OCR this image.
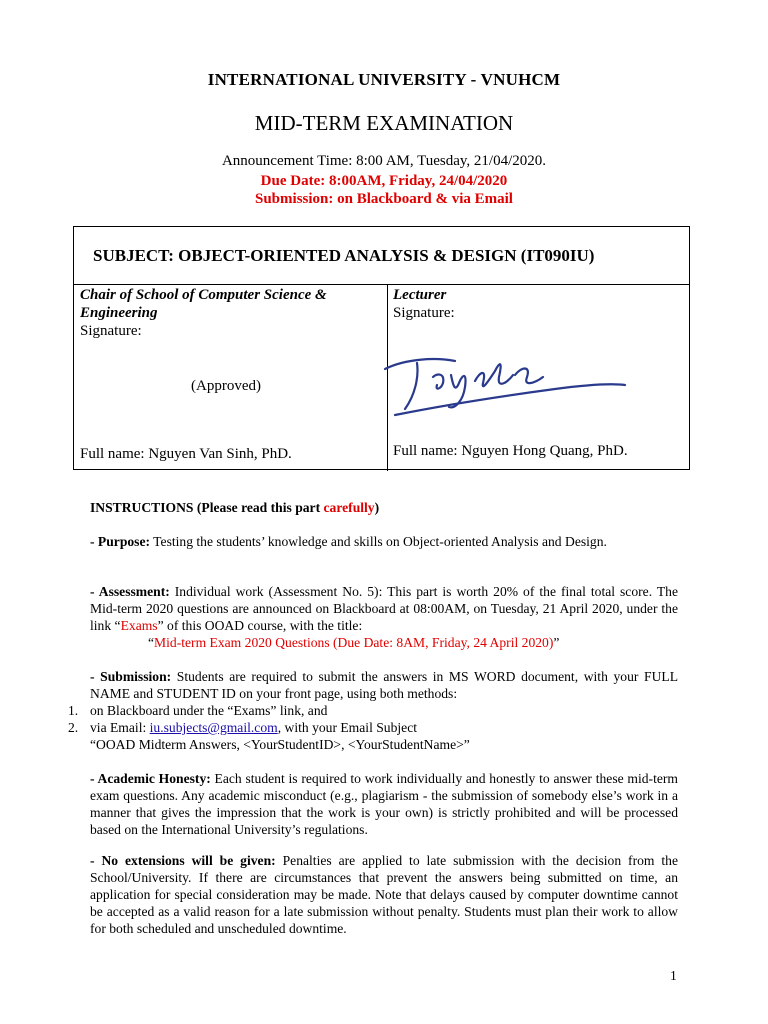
INTERNATIONAL UNIVERSITY - VNUHCM
MID-TERM EXAMINATION
Announcement Time: 8:00 AM, Tuesday, 21/04/2020.
Due Date: 8:00AM, Friday, 24/04/2020
Submission: on Blackboard & via Email
SUBJECT: OBJECT-ORIENTED ANALYSIS & DESIGN (IT090IU)
Chair of School of Computer Science &
Engineering
Signature:
(Approved)
Full name: Nguyen Van Sinh, PhD.
Lecturer
Signature:
Full name: Nguyen Hong Quang, PhD.
INSTRUCTIONS (Please read this part carefully)
- Purpose: Testing the students’ knowledge and skills on Object-oriented Analysis and Design.
- Assessment: Individual work (Assessment No. 5): This part is worth 20% of the final total score. The Mid-term 2020 questions are announced on Blackboard at 08:00AM, on Tuesday, 21 April 2020, under the link “Exams” of this OOAD course, with the title:
“Mid-term Exam 2020 Questions (Due Date: 8AM, Friday, 24 April 2020)”
- Submission: Students are required to submit the answers in MS WORD document, with your FULL NAME and STUDENT ID on your front page, using both methods:
1. on Blackboard under the “Exams” link, and
2. via Email: iu.subjects@gmail.com, with your Email Subject
“OOAD Midterm Answers, <YourStudentID>, <YourStudentName>”
- Academic Honesty: Each student is required to work individually and honestly to answer these mid-term exam questions. Any academic misconduct (e.g., plagiarism - the submission of somebody else’s work in a manner that gives the impression that the work is your own) is strictly prohibited and will be processed based on the International University’s regulations.
- No extensions will be given: Penalties are applied to late submission with the decision from the School/University. If there are circumstances that prevent the answers being submitted on time, an application for special consideration may be made. Note that delays caused by computer downtime cannot be accepted as a valid reason for a late submission without penalty. Students must plan their work to allow for both scheduled and unscheduled downtime.
1
